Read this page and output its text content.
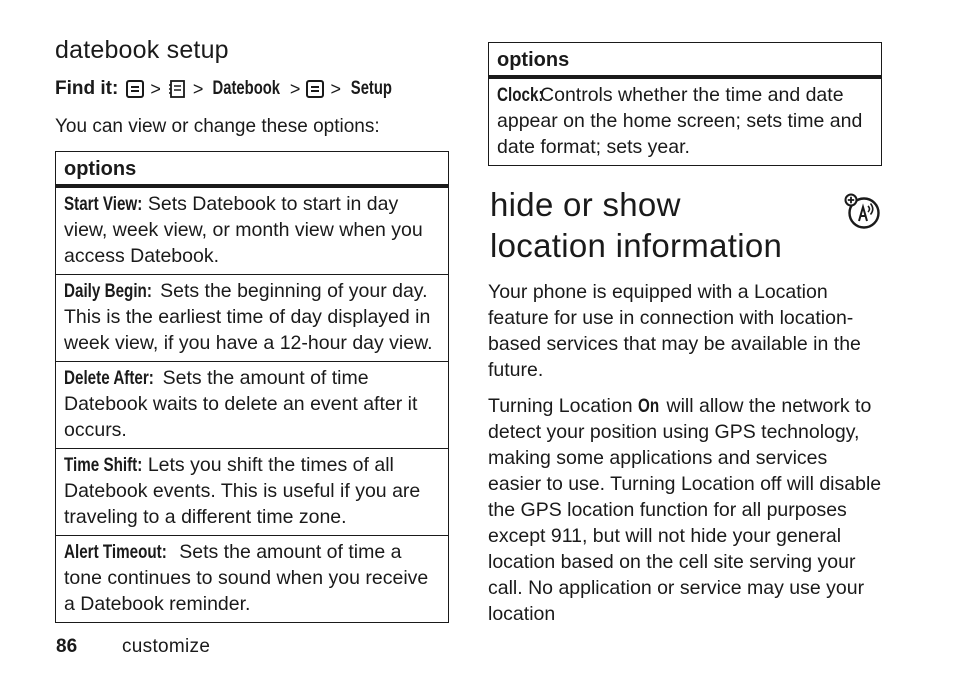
datebook setup
Find it: > > Datebook > > Setup
You can view or change these options:
options
Start View: Sets Datebook to start in day view, week view, or month view when you access Datebook.
Daily Begin: Sets the beginning of your day. This is the earliest time of day displayed in week view, if you have a 12-hour day view.
Delete After: Sets the amount of time Datebook waits to delete an event after it occurs.
Time Shift: Lets you shift the times of all Datebook events. This is useful if you are traveling to a different time zone.
Alert Timeout: Sets the amount of time a tone continues to sound when you receive a Datebook reminder.
options
Clock: Controls whether the time and date appear on the home screen; sets time and date format; sets year.
hide or show
location information

Your phone is equipped with a Location feature for use in connection with location-based services that may be available in the future.

Turning Location On will allow the network to detect your position using GPS technology, making some applications and services easier to use. Turning Location off will disable the GPS location function for all purposes except 911, but will not hide your general location based on the cell site serving your call. No application or service may use your location

86 customize
